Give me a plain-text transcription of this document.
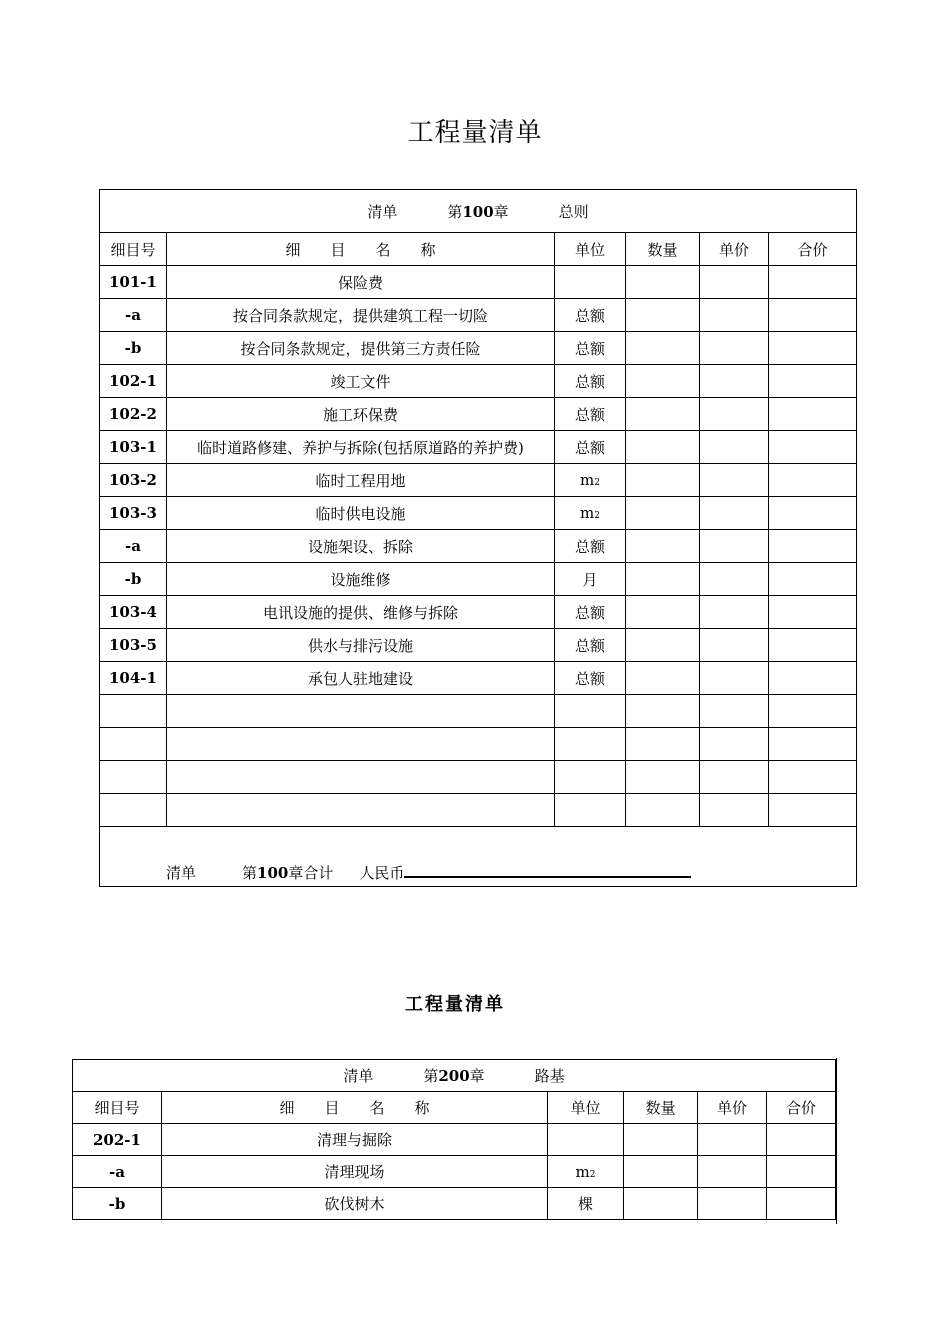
工程量清单
清单 第100章 总则					
细目号	细　　目　　名　　称	单位	数量	单价	合价
101-1	保险费				
-a	按合同条款规定，提供建筑工程一切险	总额			
-b	按合同条款规定，提供第三方责任险	总额			
102-1	竣工文件	总额			
102-2	施工环保费	总额			
103-1	临时道路修建、养护与拆除(包括原道路的养护费)	总额			
103-2	临时工程用地	m2			
103-3	临时供电设施	m2			
-a	设施架设、拆除	总额			
-b	设施维修	月			
103-4	电讯设施的提供、维修与拆除	总额			
103-5	供水与排污设施	总额			
104-1	承包人驻地建设	总额			

清单 第100章合计 人民币					
工程量清单
清单 第200章 路基					
细目号	细　　目　　名　　称	单位	数量	单价	合价
202-1	清理与掘除				
-a	清理现场	m2			
-b	砍伐树木	棵			
